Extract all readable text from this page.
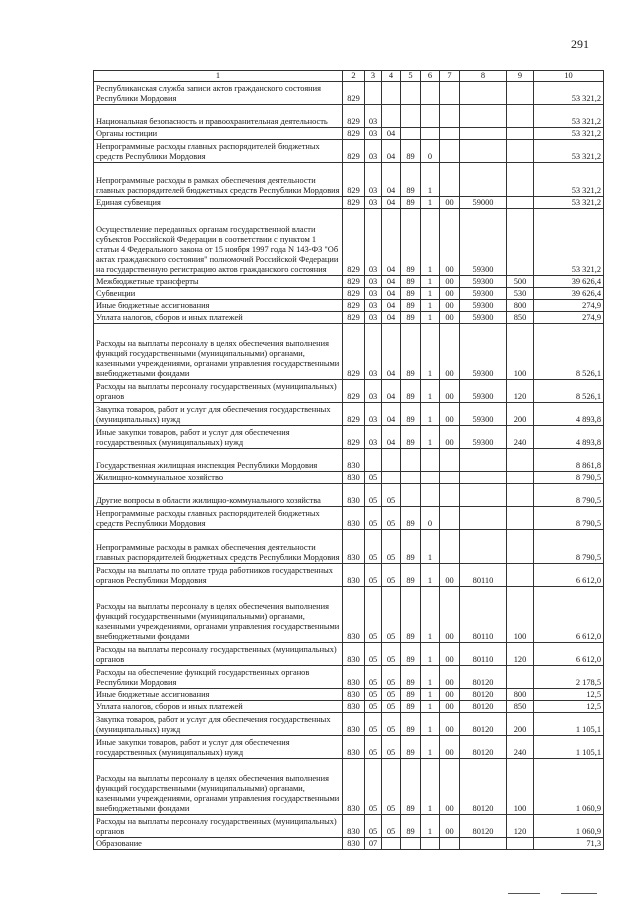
291
1	2	3	4	5	6	7	8	9	10
Республиканская служба записи актов гражданского состояния Республики Мордовия	829								53 321,2
Национальная безопасность и правоохранительная деятельность	829	03							53 321,2
Органы юстиции	829	03	04						53 321,2
Непрограммные расходы главных распорядителей бюджетных средств Республики Мордовия	829	03	04	89	0				53 321,2
Непрограммные расходы в рамках обеспечения деятельности главных распорядителей бюджетных средств Республики Мордовия	829	03	04	89	1				53 321,2
Единая субвенция	829	03	04	89	1	00	59000		53 321,2
Осуществление переданных органам государственной власти субъектов Российской Федерации в соответствии с пунктом 1 статьи 4 Федерального закона от 15 ноября 1997 года N 143-ФЗ "Об актах гражданского состояния" полномочий Российской Федерации на государственную регистрацию актов гражданского состояния	829	03	04	89	1	00	59300		53 321,2
Межбюджетные трансферты	829	03	04	89	1	00	59300	500	39 626,4
Субвенции	829	03	04	89	1	00	59300	530	39 626,4
Иные бюджетные ассигнования	829	03	04	89	1	00	59300	800	274,9
Уплата налогов, сборов и иных платежей	829	03	04	89	1	00	59300	850	274,9
Расходы на выплаты персоналу в целях обеспечения выполнения функций государственными (муниципальными) органами, казенными учреждениями, органами управления государственными внебюджетными фондами	829	03	04	89	1	00	59300	100	8 526,1
Расходы на выплаты персоналу государственных (муниципальных) органов	829	03	04	89	1	00	59300	120	8 526,1
Закупка товаров, работ и услуг для обеспечения государственных (муниципальных) нужд	829	03	04	89	1	00	59300	200	4 893,8
Иные закупки товаров, работ и услуг для обеспечения государственных (муниципальных) нужд	829	03	04	89	1	00	59300	240	4 893,8
Государственная жилищная инспекция Республики Мордовия	830								8 861,8
Жилищно-коммунальное хозяйство	830	05							8 790,5
Другие вопросы в области жилищно-коммунального хозяйства	830	05	05						8 790,5
Непрограммные расходы главных распорядителей бюджетных средств Республики Мордовия	830	05	05	89	0				8 790,5
Непрограммные расходы в рамках обеспечения деятельности главных распорядителей бюджетных средств Республики Мордовия	830	05	05	89	1				8 790,5
Расходы на выплаты по оплате труда работников государственных органов Республики Мордовия	830	05	05	89	1	00	80110		6 612,0
Расходы на выплаты персоналу в целях обеспечения выполнения функций государственными (муниципальными) органами, казенными учреждениями, органами управления государственными внебюджетными фондами	830	05	05	89	1	00	80110	100	6 612,0
Расходы на выплаты персоналу государственных (муниципальных) органов	830	05	05	89	1	00	80110	120	6 612,0
Расходы на обеспечение функций государственных органов Республики Мордовия	830	05	05	89	1	00	80120		2 178,5
Иные бюджетные ассигнования	830	05	05	89	1	00	80120	800	12,5
Уплата налогов, сборов и иных платежей	830	05	05	89	1	00	80120	850	12,5
Закупка товаров, работ и услуг для обеспечения государственных (муниципальных) нужд	830	05	05	89	1	00	80120	200	1 105,1
Иные закупки товаров, работ и услуг для обеспечения государственных (муниципальных) нужд	830	05	05	89	1	00	80120	240	1 105,1
Расходы на выплаты персоналу в целях обеспечения выполнения функций государственными (муниципальными) органами, казенными учреждениями, органами управления государственными внебюджетными фондами	830	05	05	89	1	00	80120	100	1 060,9
Расходы на выплаты персоналу государственных (муниципальных) органов	830	05	05	89	1	00	80120	120	1 060,9
Образование	830	07							71,3
